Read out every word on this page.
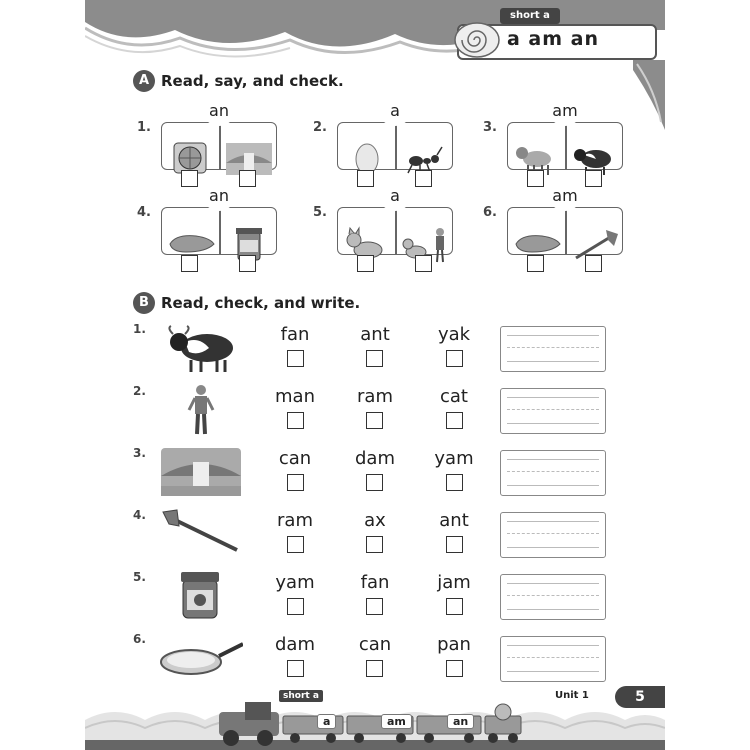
short a
a am an
A Read, say, and check.
1.
an
2.
a
3.
am
4.
an
5.
a
6.
am
B Read, check, and write.
1.	fan	ant	yak
2.	man	ram	cat
3.	can	dam	yam
4.	ram	ax	ant
5.	yam	fan	jam
6.	dam	can	pan
short a
a	am	an
Unit 1	5
